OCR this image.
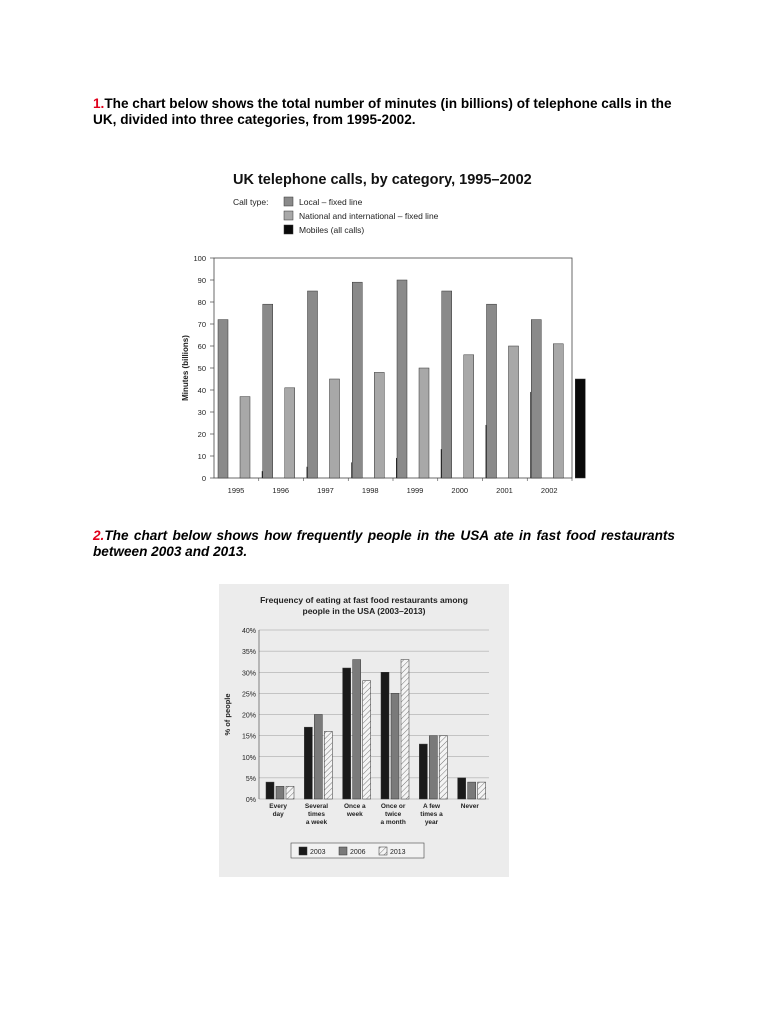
1.The chart below shows the total number of minutes (in billions) of telephone calls in the UK, divided into three categories, from 1995-2002.
UK telephone calls, by category, 1995–2002
Call type:	Local – fixed line
National and international – fixed line
Mobiles (all calls)
0
10
20
30
40
50
60
70
80
90
100
Minutes (billions)
1995	1996	1997	1998	1999	2000	2001	2002
2.The chart below shows how frequently people in the USA ate in fast food restaurants between 2003 and 2013.
Frequency of eating at fast food restaurants among
people in the USA (2003–2013)
0%
5%
10%
15%
20%
25%
30%
35%
40%
% of people
Every
day
Several
times
a week
Once a
week
Once or
twice
a month
A few
times a
year
Never
2003	2006	2013
